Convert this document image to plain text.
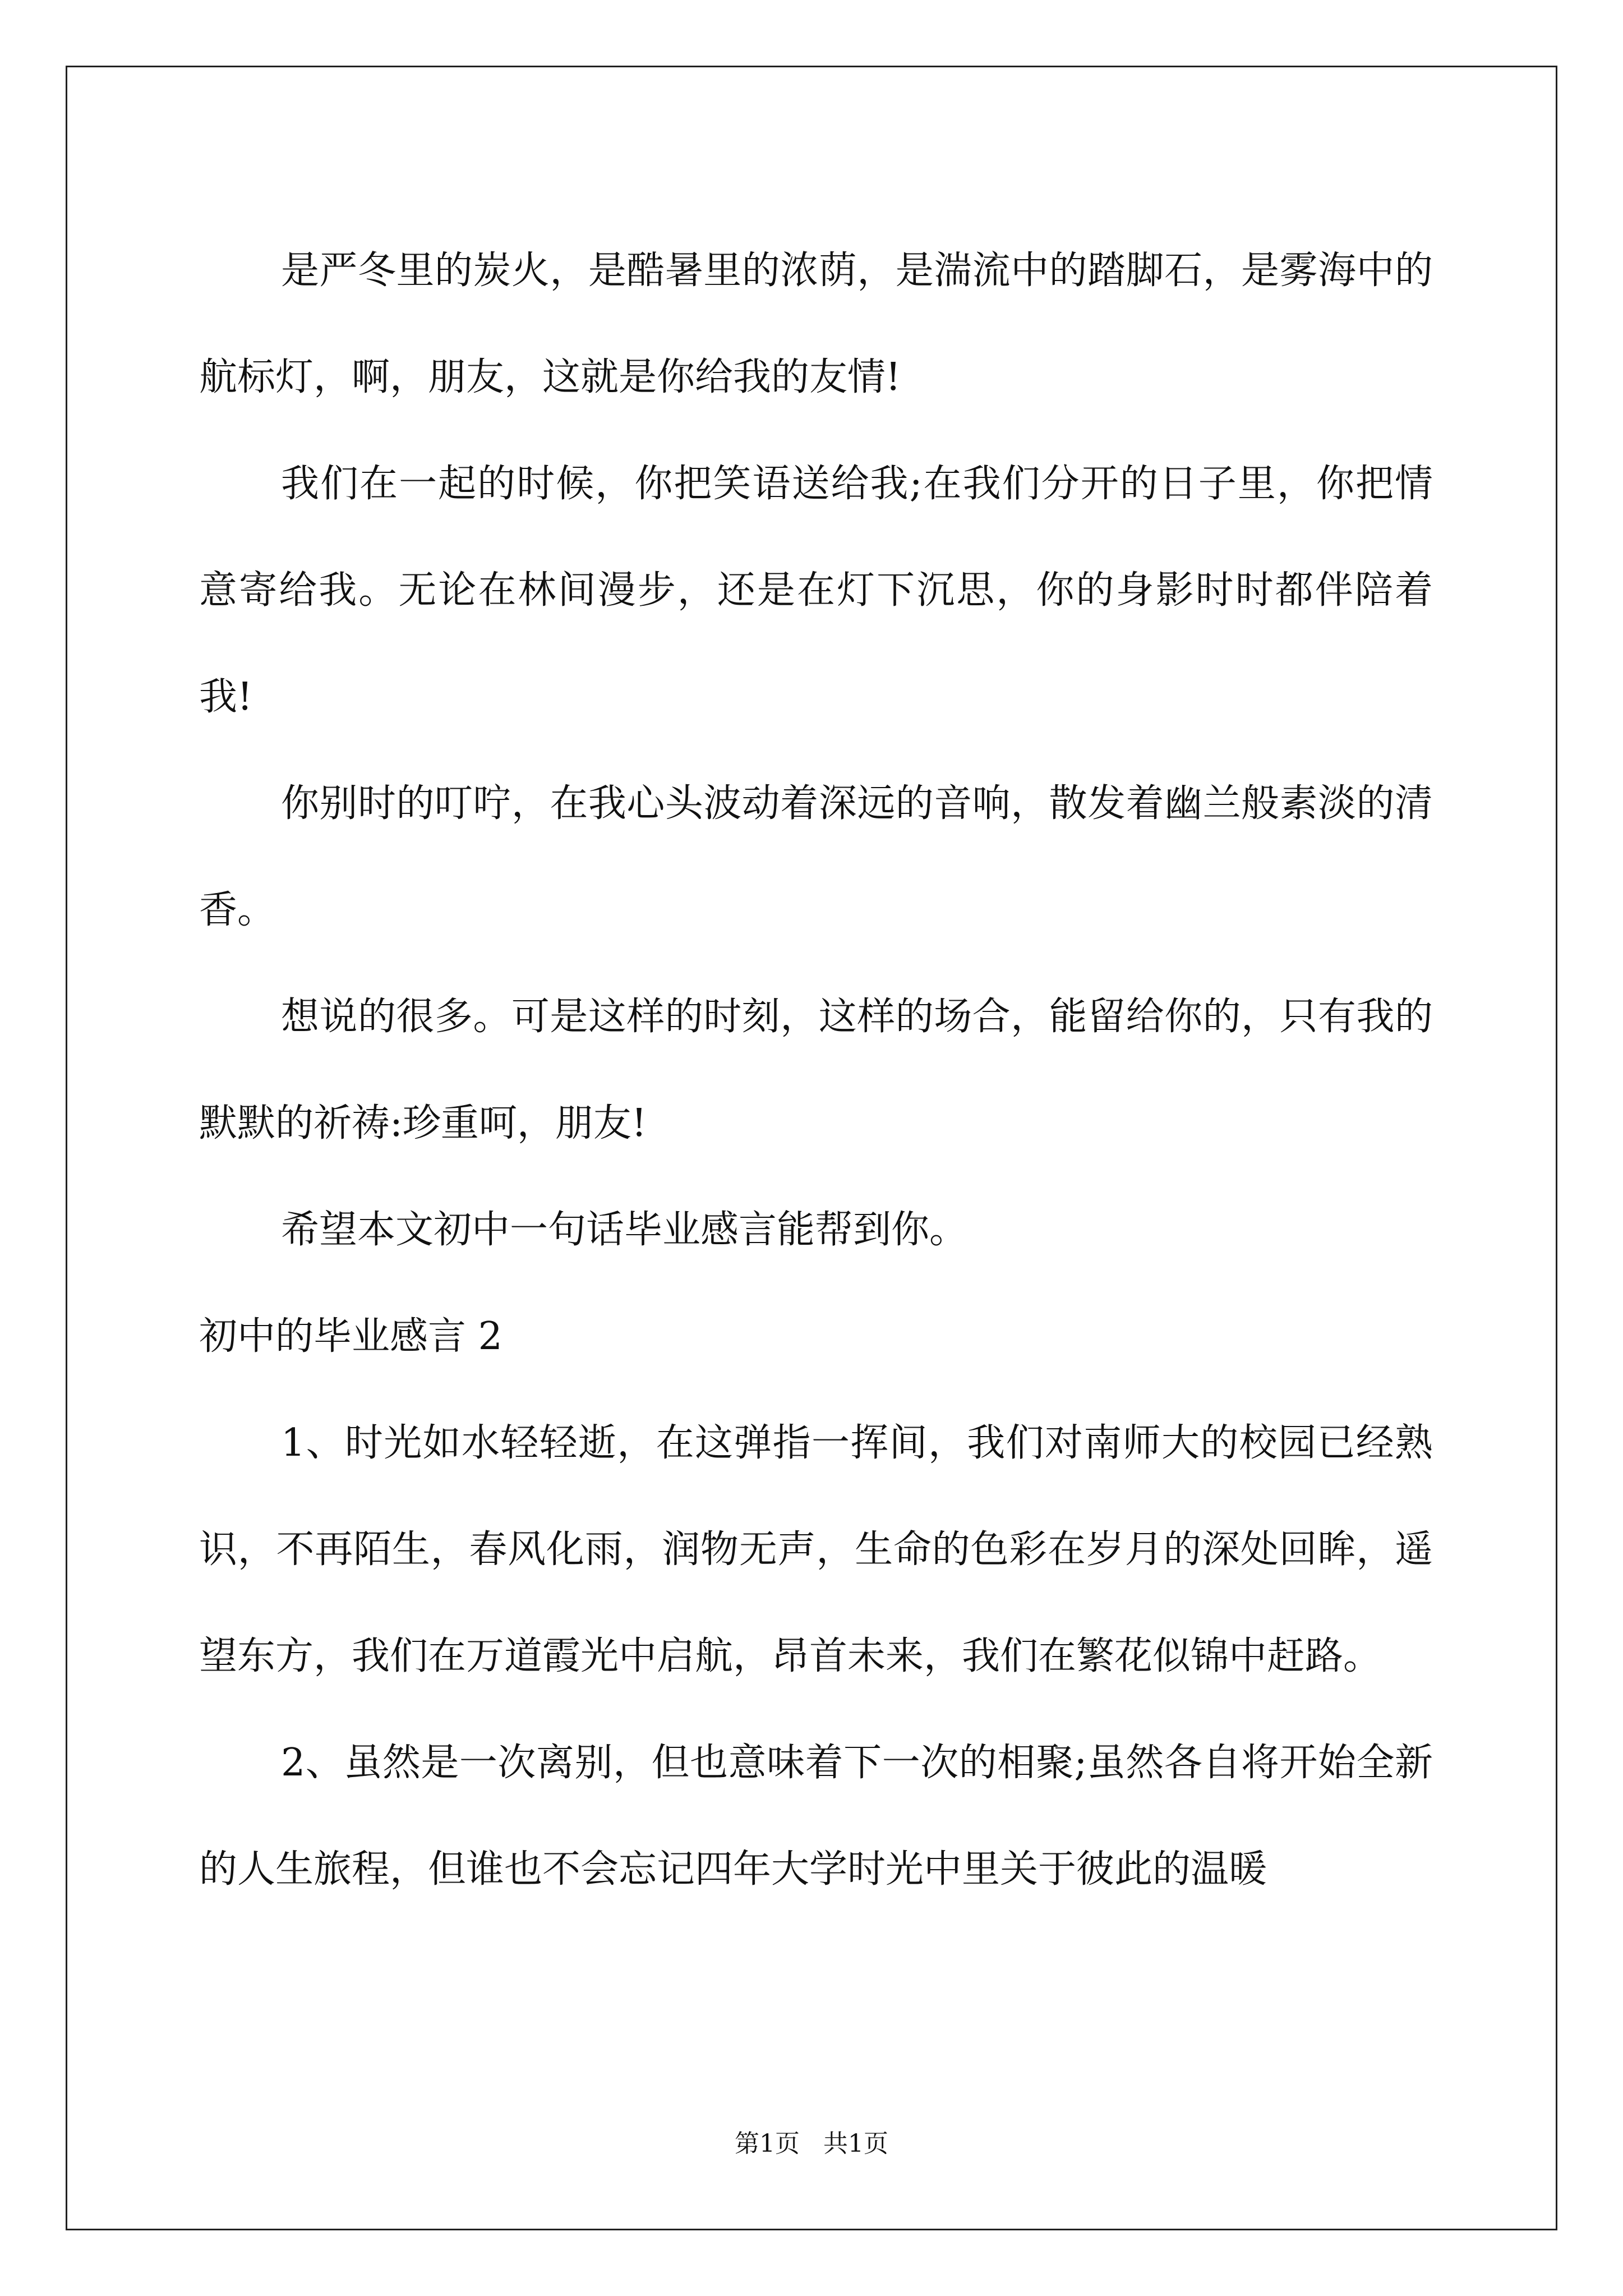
是严冬里的炭火，是酷暑里的浓荫，是湍流中的踏脚石，是雾海中的航标灯，啊，朋友，这就是你给我的友情!

我们在一起的时候，你把笑语送给我;在我们分开的日子里，你把情意寄给我。无论在林间漫步，还是在灯下沉思，你的身影时时都伴陪着我!

你别时的叮咛，在我心头波动着深远的音响，散发着幽兰般素淡的清香。

想说的很多。可是这样的时刻，这样的场合，能留给你的，只有我的默默的祈祷:珍重呵，朋友!

希望本文初中一句话毕业感言能帮到你。

初中的毕业感言 2

1、时光如水轻轻逝，在这弹指一挥间，我们对南师大的校园已经熟识，不再陌生，春风化雨，润物无声，生命的色彩在岁月的深处回眸，遥望东方，我们在万道霞光中启航，昂首未来，我们在繁花似锦中赶路。

2、虽然是一次离别，但也意味着下一次的相聚;虽然各自将开始全新的人生旅程，但谁也不会忘记四年大学时光中里关于彼此的温暖

第1页 共1页
